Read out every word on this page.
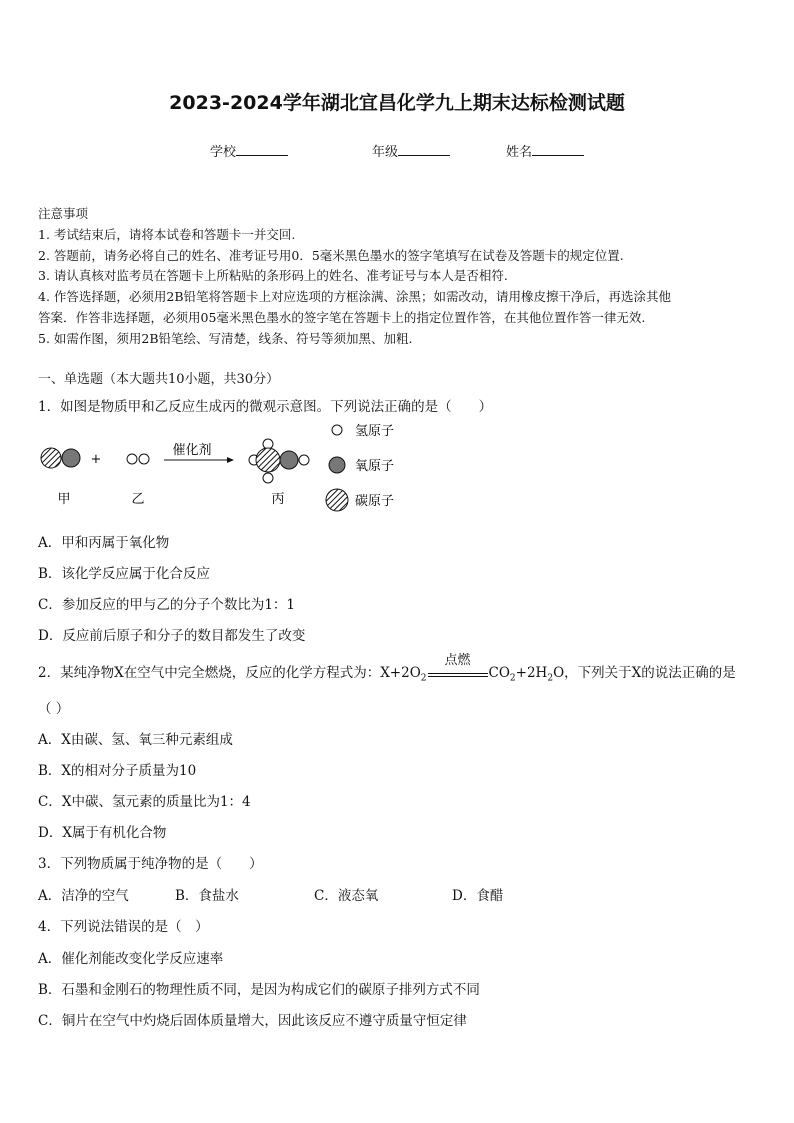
2023-2024学年湖北宜昌化学九上期末达标检测试题
学校	年级	姓名
注意事项
1. 考试结束后，请将本试卷和答题卡一并交回.
2. 答题前，请务必将自己的姓名、准考证号用0．5毫米黑色墨水的签字笔填写在试卷及答题卡的规定位置.
3. 请认真核对监考员在答题卡上所粘贴的条形码上的姓名、准考证号与本人是否相符.
4. 作答选择题，必须用2B铅笔将答题卡上对应选项的方框涂满、涂黑；如需改动，请用橡皮擦干净后，再选涂其他
答案．作答非选择题，必须用05毫米黑色墨水的签字笔在答题卡上的指定位置作答，在其他位置作答一律无效.
5. 如需作图，须用2B铅笔绘、写清楚，线条、符号等须加黑、加粗.
一、单选题（本大题共10小题，共30分）
1．如图是物质甲和乙反应生成丙的微观示意图。下列说法正确的是（　　）
+
催化剂
甲	乙	丙
氢原子
氧原子
碳原子
A．甲和丙属于氧化物
B．该化学反应属于化合反应
C．参加反应的甲与乙的分子个数比为1：1
D．反应前后原子和分子的数目都发生了改变
2．某纯净物X在空气中完全燃烧，反应的化学方程式为：$X+2O_2$
点燃
$CO_2+2H_2O$，下列关于X的说法正确的是
（ ）
A．X由碳、氢、氧三种元素组成
B．X的相对分子质量为10
C．X中碳、氢元素的质量比为1：4
D．X属于有机化合物
3．下列物质属于纯净物的是（　　）
A．洁净的空气	B．食盐水	C．液态氧	D．食醋
4．下列说法错误的是（　）
A．催化剂能改变化学反应速率
B．石墨和金刚石的物理性质不同，是因为构成它们的碳原子排列方式不同
C．铜片在空气中灼烧后固体质量增大，因此该反应不遵守质量守恒定律
